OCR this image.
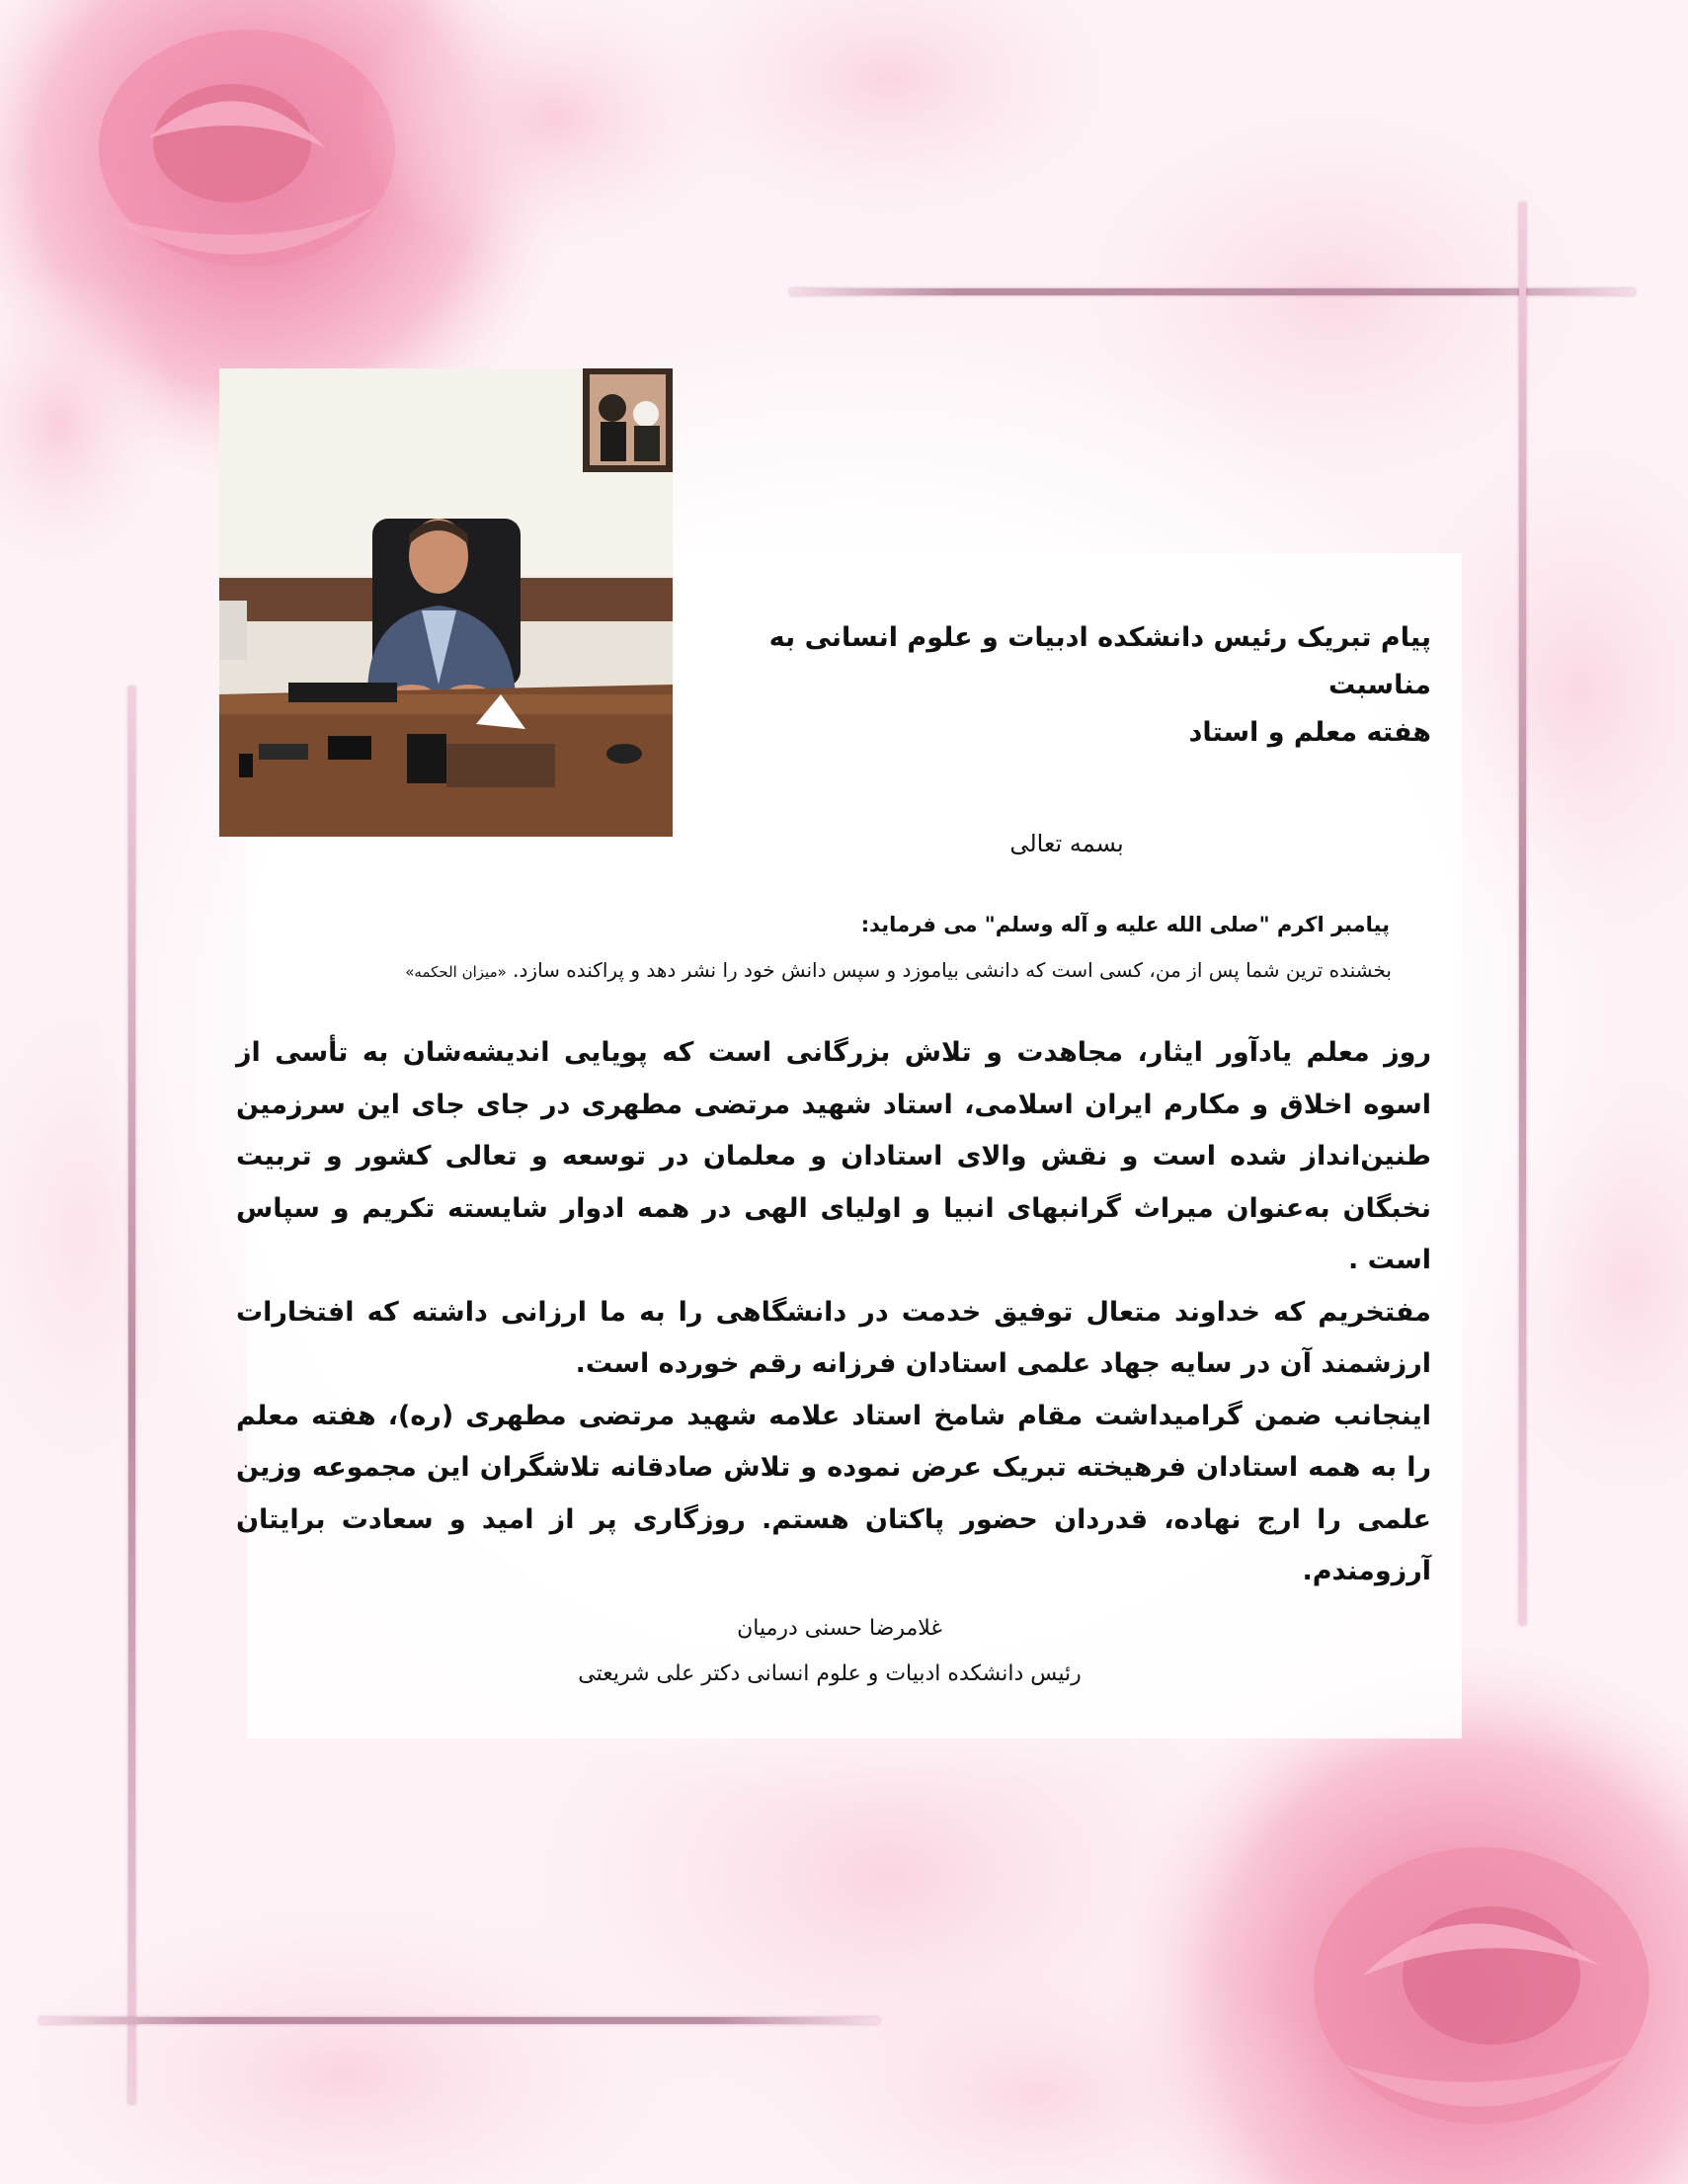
پیام تبریک رئیس دانشکده ادبیات و علوم انسانی به مناسبت
هفته معلم و استاد
بسمه تعالی
پیامبر اکرم "صلی الله علیه و آله وسلم" می فرماید:
بخشنده ترین شما پس از من، کسی است که دانشی بیاموزد و سپس دانش خود را نشر دهد و پراکنده سازد. «میزان الحکمه»

روز معلم یادآور ایثار، مجاهدت و تلاش بزرگانی است که پویایی اندیشه‌شان به تأسی از اسوه اخلاق و مکارم ایران اسلامی، استاد شهید مرتضی مطهری در جای جای این سرزمین طنین‌انداز شده است و نقش والای استادان و معلمان در توسعه و تعالی کشور و تربیت نخبگان به‌عنوان میراث گرانبهای انبیا و اولیای الهی در همه ادوار شایسته تکریم و سپاس است .

مفتخریم که خداوند متعال توفیق خدمت در دانشگاهی را به ما ارزانی داشته که افتخارات ارزشمند آن در سایه جهاد علمی استادان فرزانه رقم خورده است.

اینجانب ضمن گرامیداشت مقام شامخ استاد علامه شهید مرتضی مطهری (ره)، هفته معلم را به همه استادان فرهیخته تبریک عرض نموده و تلاش صادقانه تلاشگران این مجموعه وزین علمی را ارج نهاده، قدردان حضور پاکتان هستم. روزگاری پر از امید و سعادت برایتان آرزومندم.

غلامرضا حسنی درمیان
رئیس دانشکده ادبیات و علوم انسانی دکتر علی شریعتی
